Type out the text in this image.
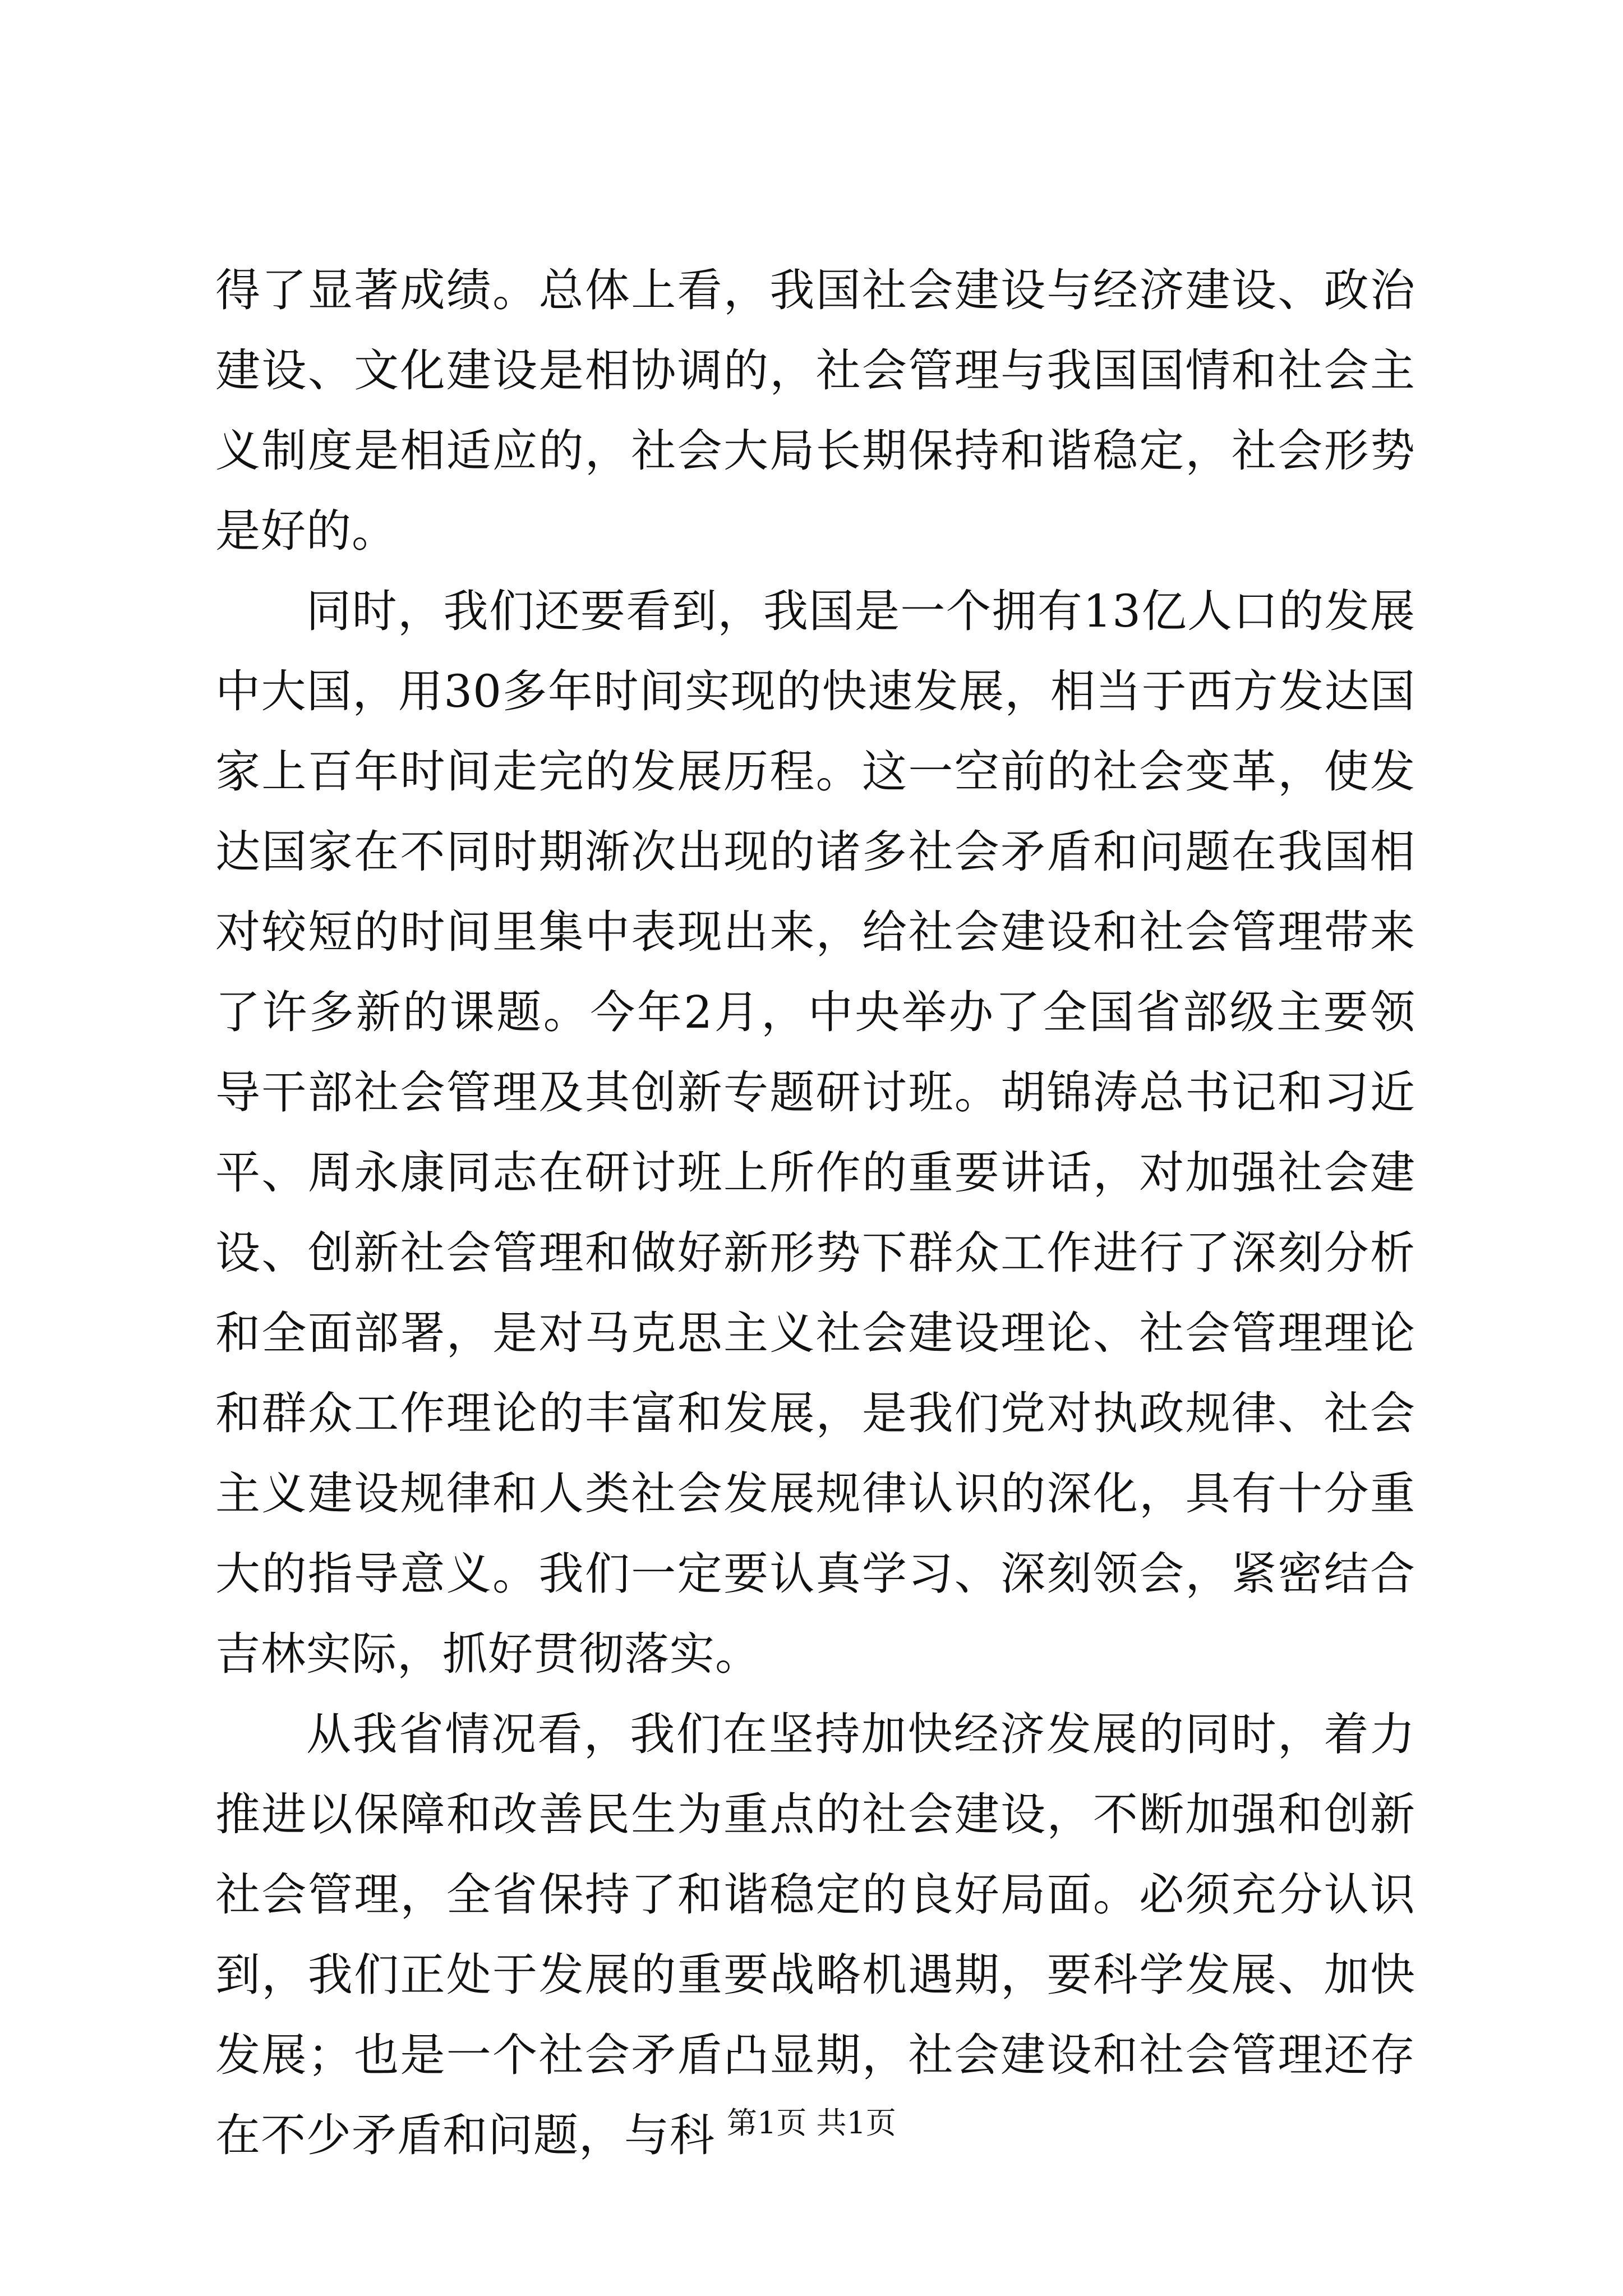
得了显著成绩。总体上看，我国社会建设与经济建设、政治建设、文化建设是相协调的，社会管理与我国国情和社会主义制度是相适应的，社会大局长期保持和谐稳定，社会形势是好的。

同时，我们还要看到，我国是一个拥有13亿人口的发展中大国，用30多年时间实现的快速发展，相当于西方发达国家上百年时间走完的发展历程。这一空前的社会变革，使发达国家在不同时期渐次出现的诸多社会矛盾和问题在我国相对较短的时间里集中表现出来，给社会建设和社会管理带来了许多新的课题。今年2月，中央举办了全国省部级主要领导干部社会管理及其创新专题研讨班。胡锦涛总书记和习近平、周永康同志在研讨班上所作的重要讲话，对加强社会建设、创新社会管理和做好新形势下群众工作进行了深刻分析和全面部署，是对马克思主义社会建设理论、社会管理理论和群众工作理论的丰富和发展，是我们党对执政规律、社会主义建设规律和人类社会发展规律认识的深化，具有十分重大的指导意义。我们一定要认真学习、深刻领会，紧密结合吉林实际，抓好贯彻落实。

从我省情况看，我们在坚持加快经济发展的同时，着力推进以保障和改善民生为重点的社会建设，不断加强和创新社会管理，全省保持了和谐稳定的良好局面。必须充分认识到，我们正处于发展的重要战略机遇期，要科学发展、加快发展；也是一个社会矛盾凸显期，社会建设和社会管理还存在不少矛盾和问题，与科 第1页 共1页
